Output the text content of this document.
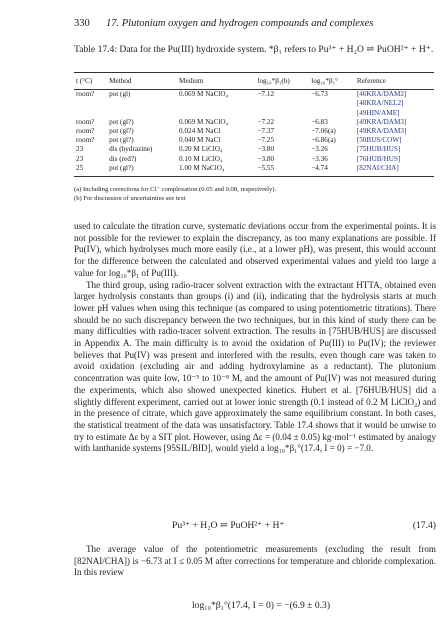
330 17. Plutonium oxygen and hydrogen compounds and complexes
Table 17.4: Data for the Pu(III) hydroxide system. *β₁ refers to Pu³⁺ + H₂O ⇌ PuOH²⁺ + H⁺.
t (°C)	Method	Medium	log₁₀*β₁(b)	log₁₀*β₁°	Reference
room?	pot (gl)	0.069 M NaClO₄	−7.12	−6.73	[46KRA/DAM2]
					[48KRA/NEL2]
					[49HIN/AME]
room?	pot (gl?)	0.069 M NaClO₄	−7.22	−6.83	[49KRA/DAM3]
room?	pot (gl?)	0.024 M NaCl	−7.37	−7.06(a)	[49KRA/DAM3]
room?	pot (gl?)	0.040 M NaCl	−7.25	−6.86(a)	[50BUS/COW]
23	dis (hydrazine)	0.20 M LiClO₄	−3.80	−3.26	[75HUB/HUS]
23	dis (red?)	0.10 M LiClO₄	−3.80	−3.36	[76HUB/HUS]
25	pot (gl?)	1.00 M NaClO₄	−5.55	−4.74	[82NAI/CHA]
(a) Including corrections for Cl⁻ complexation (0.05 and 0.08, respectively).
(b) For discussion of uncertainties see text

used to calculate the titration curve, systematic deviations occur from the experimental points. It is not possible for the reviewer to explain the discrepancy, as too many explanations are possible. If Pu(IV), which hydrolyses much more easily (i.e., at a lower pH), was present, this would account for the difference between the calculated and observed experimental values and yield too large a value for log₁₀*β₁ of Pu(III).

The third group, using radio-tracer solvent extraction with the extractant HTTA, obtained even larger hydrolysis constants than groups (i) and (ii), indicating that the hydrolysis starts at much lower pH values when using this technique (as compared to using potentiometric titrations). There should be no such discrepancy between the two techniques, but in this kind of study there can be many difficulties with radio-tracer solvent extraction. The results in [75HUB/HUS] are discussed in Appendix A. The main difficulty is to avoid the oxidation of Pu(III) to Pu(IV); the reviewer believes that Pu(IV) was present and interfered with the results, even though care was taken to avoid oxidation (excluding air and adding hydroxylamine as a reductant). The plutonium concentration was quite low, 10⁻⁵ to 10⁻⁸ M, and the amount of Pu(IV) was not measured during the experiments, which also showed unexpected kinetics. Hubert et al. [76HUB/HUS] did a slightly different experiment, carried out at lower ionic strength (0.1 instead of 0.2 M LiClO₄) and in the presence of citrate, which gave approximately the same equilibrium constant. In both cases, the statistical treatment of the data was unsatisfactory. Table 17.4 shows that it would be unwise to try to estimate Δε by a SIT plot. However, using Δε = (0.04 ± 0.05) kg·mol⁻¹ estimated by analogy with lanthanide systems [95SIL/BID], would yield a log₁₀*β₁°(17.4, I = 0) = −7.0.

Pu³⁺ + H₂O ⇌ PuOH²⁺ + H⁺	(17.4)

The average value of the potentiometric measurements (excluding the result from [82NAI/CHA]) is −6.73 at I ≤ 0.05 M after corrections for temperature and chloride complexation. In this review

log₁₀*β₁°(17.4, I = 0) = −(6.9 ± 0.3)
